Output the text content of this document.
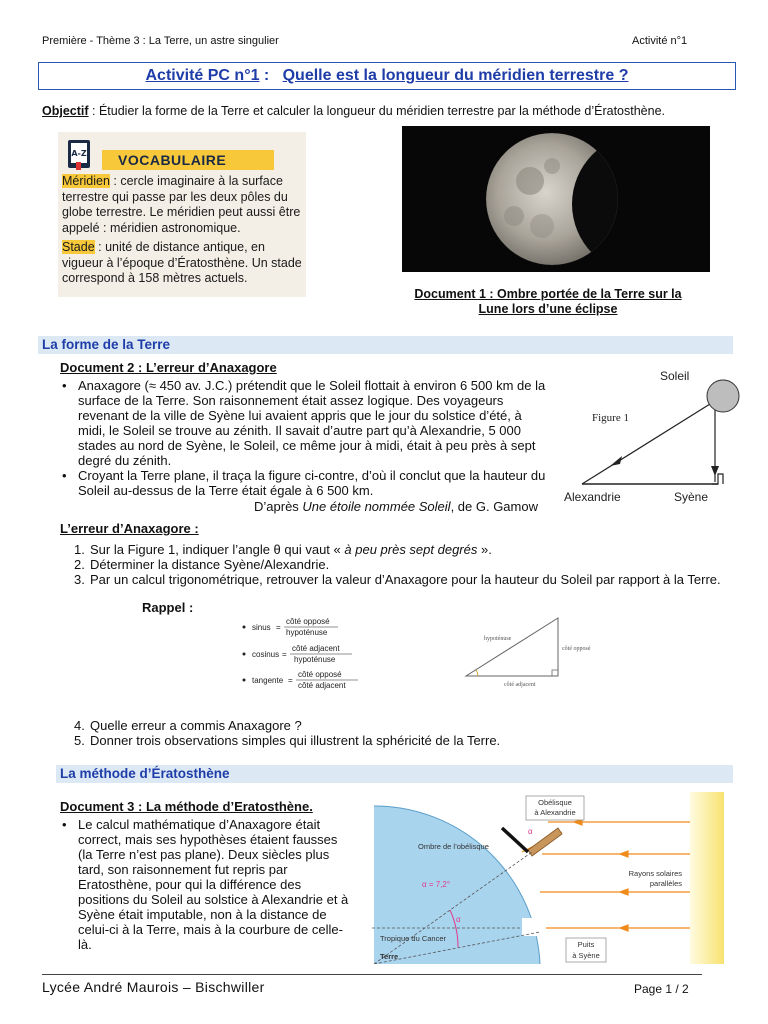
Première - Thème 3 : La Terre, un astre singulier	Activité n°1
Activité PC n°1 : Quelle est la longueur du méridien terrestre ?
Objectif : Étudier la forme de la Terre et calculer la longueur du méridien terrestre par la méthode d’Ératosthène.
A-Z	VOCABULAIRE

Méridien : cercle imaginaire à la surface terrestre qui passe par les deux pôles du globe terrestre. Le méridien peut aussi être appelé : méridien astronomique.

Stade : unité de distance antique, en vigueur à l’époque d’Ératosthène. Un stade correspond à 158 mètres actuels.

Document 1 : Ombre portée de la Terre sur la Lune lors d’une éclipse
La forme de la Terre
Document 2 : L’erreur d’Anaxagore
• Anaxagore (≈ 450 av. J.C.) prétendit que le Soleil flottait à environ 6 500 km de la surface de la Terre. Son raisonnement était assez logique. Des voyageurs revenant de la ville de Syène lui avaient appris que le jour du solstice d’été, à midi, le Soleil se trouve au zénith. Il savait d’autre part qu’à Alexandrie, 5 000 stades au nord de Syène, le Soleil, ce même jour à midi, était à peu près à sept degré du zénith.
• Croyant la Terre plane, il traça la figure ci-contre, d’où il conclut que la hauteur du Soleil au-dessus de la Terre était égale à 6 500 km.
D’après Une étoile nommée Soleil, de G. Gamow
Soleil
Figure 1
Alexandrie	Syène
L’erreur d’Anaxagore :
1. Sur la Figure 1, indiquer l’angle θ qui vaut « à peu près sept degrés ».
2. Déterminer la distance Syène/Alexandrie.
3. Par un calcul trigonométrique, retrouver la valeur d’Anaxagore pour la hauteur du Soleil par rapport à la Terre.
Rappel :
sinus =
côté opposé
hypoténuse
cosinus =
côté adjacent
hypoténuse
tangente =
côté opposé
côté adjacent
hypoténuse
côté opposé
côté adjacent
4. Quelle erreur a commis Anaxagore ?
5. Donner trois observations simples qui illustrent la sphéricité de la Terre.
La méthode d’Ératosthène
Document 3 : La méthode d’Eratosthène.
• Le calcul mathématique d’Anaxagore était correct, mais ses hypothèses étaient fausses (la Terre n’est pas plane). Deux siècles plus tard, son raisonnement fut repris par Eratosthène, pour qui la différence des positions du Soleil au solstice à Alexandrie et à Syène était imputable, non à la distance de celui-ci à la Terre, mais à la courbure de celle-là.
Obélisque
à Alexandrie
Ombre de l’obélisque
α = 7,2°
α
α
Rayons solaires
parallèles
Tropique du Cancer
Terre
Puits
à Syène
Lycée André Maurois – Bischwiller	Page 1 / 2
